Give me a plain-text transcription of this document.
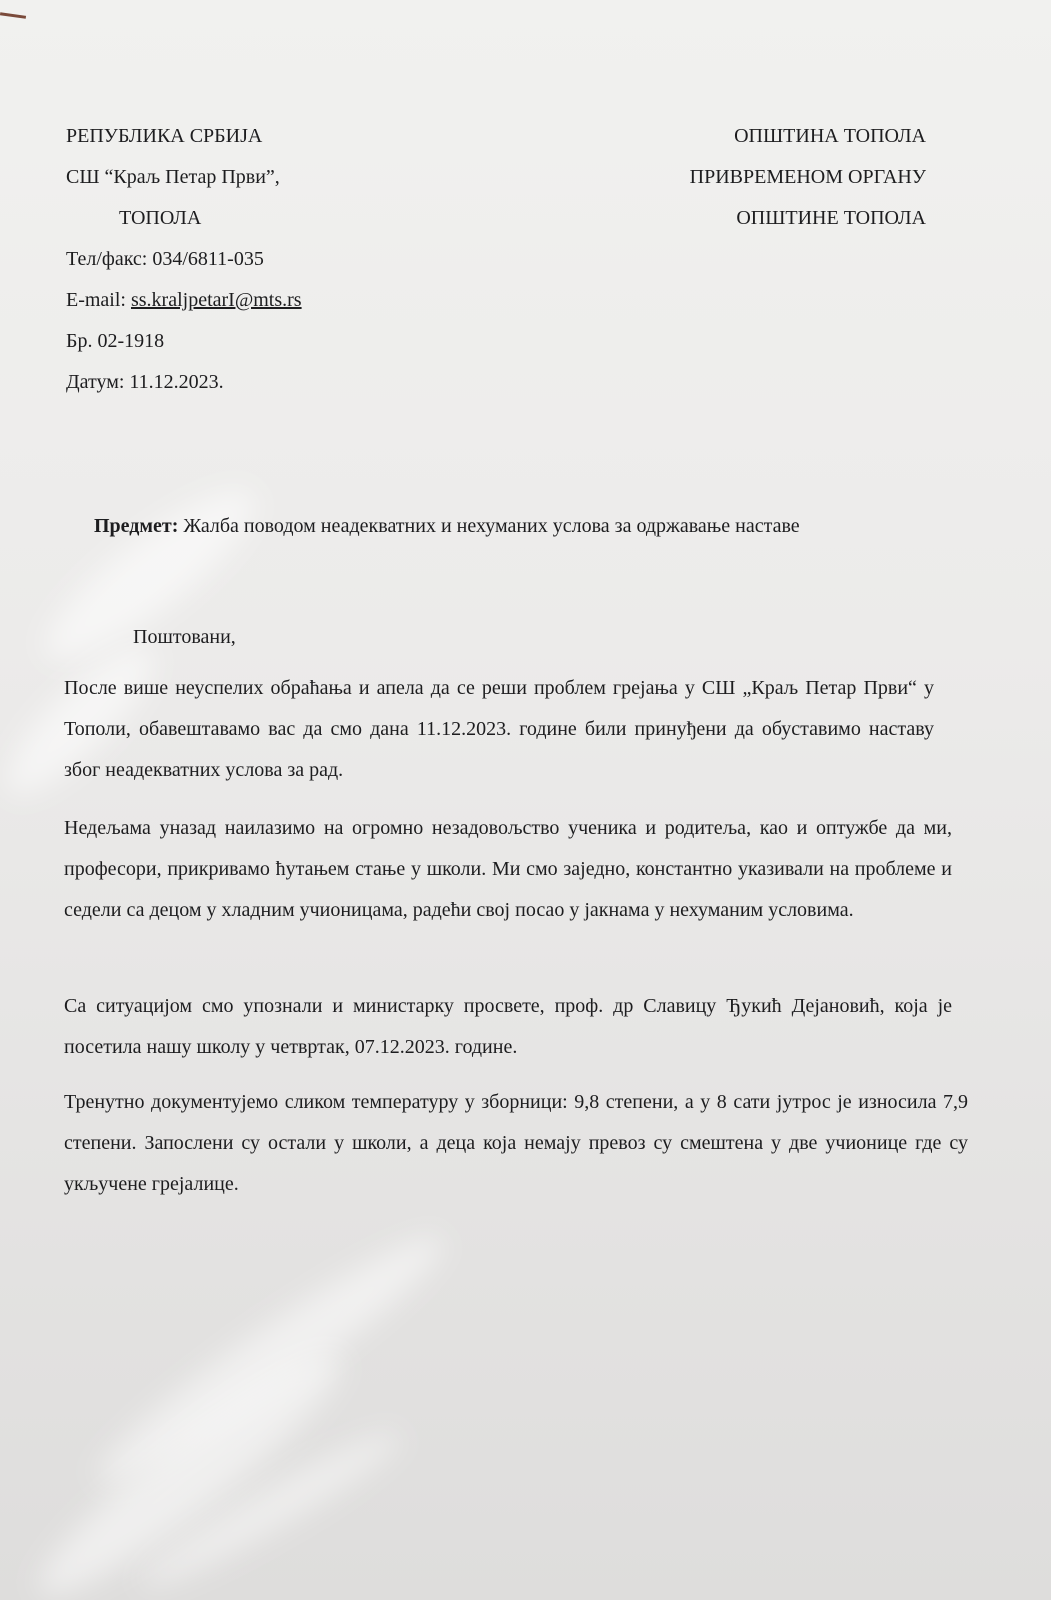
РЕПУБЛИКА СРБИЈА
СШ “Краљ Петар Први”,
ТОПОЛА
Тел/факс: 034/6811-035
E-mail: ss.kraljpetarI@mts.rs
Бр. 02-1918
Датум: 11.12.2023.
ОПШТИНА ТОПОЛА
ПРИВРЕМЕНОМ ОРГАНУ
ОПШТИНЕ ТОПОЛА
Предмет: Жалба поводом неадекватних и нехуманих услова за одржавање наставе
Поштовани,
После више неуспелих обраћања и апела да се реши проблем грејања у СШ „Краљ Петар Први“ у Тополи, обавештавамо вас да смо дана 11.12.2023. године били принуђени да обуставимо наставу због неадекватних услова за рад.
Недељама уназад наилазимо на огромно незадовољство ученика и родитеља, као и оптужбе да ми, професори, прикривамо ћутањем стање у школи. Ми смо заједно, константно указивали на проблеме и седели са децом у хладним учионицама, радећи свој посао у јакнама у нехуманим условима.
Са ситуацијом смо упознали и министарку просвете, проф. др Славицу Ђукић Дејановић, која је посетила нашу школу у четвртак, 07.12.2023. године.
Тренутно документујемо сликом температуру у зборници: 9,8 степени, а у 8 сати јутрос је износила 7,9 степени. Запослени су остали у школи, а деца која немају превоз су смештена у две учионице где су укључене грејалице.
